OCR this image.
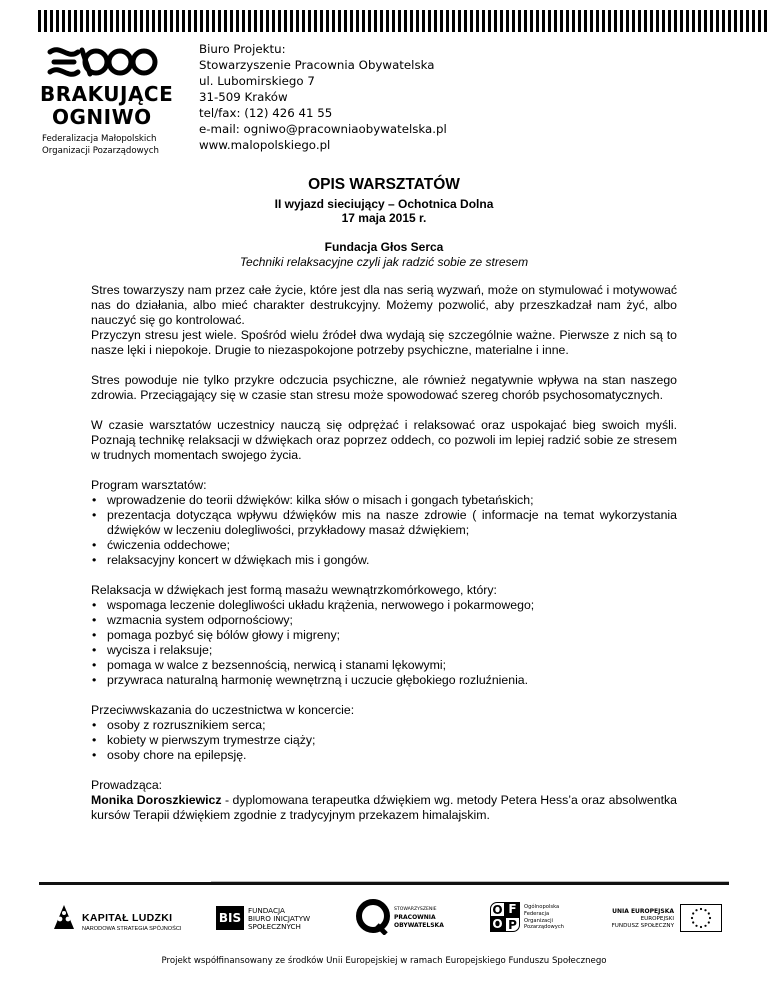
BRAKUJĄCE
OGNIWO
Federalizacja Małopolskich
Organizacji Pozarządowych
Biuro Projektu:
Stowarzyszenie Pracownia Obywatelska
ul. Lubomirskiego 7
31-509 Kraków
tel/fax: (12) 426 41 55
e-mail: ogniwo@pracowniaobywatelska.pl
www.malopolskiego.pl
OPIS WARSZTATÓW
II wyjazd sieciujący – Ochotnica Dolna
17 maja 2015 r.
Fundacja Głos Serca
Techniki relaksacyjne czyli jak radzić sobie ze stresem

Stres towarzyszy nam przez całe życie, które jest dla nas serią wyzwań, może on stymulować i motywować nas do działania, albo mieć charakter destrukcyjny. Możemy pozwolić, aby przeszkadzał nam żyć, albo nauczyć się go kontrolować.

Przyczyn stresu jest wiele. Spośród wielu źródeł dwa wydają się szczególnie ważne. Pierwsze z nich są to nasze lęki i niepokoje. Drugie to niezaspokojone potrzeby psychiczne, materialne i inne.

Stres powoduje nie tylko przykre odczucia psychiczne, ale również negatywnie wpływa na stan naszego zdrowia. Przeciągający się w czasie stan stresu może spowodować szereg chorób psychosomatycznych.

W czasie warsztatów uczestnicy nauczą się odprężać i relaksować oraz uspokajać bieg swoich myśli. Poznają technikę relaksacji w dźwiękach oraz poprzez oddech, co pozwoli im lepiej radzić sobie ze stresem w trudnych momentach swojego życia.

Program warsztatów:
• wprowadzenie do teorii dźwięków: kilka słów o misach i gongach tybetańskich;
• prezentacja dotycząca wpływu dźwięków mis na nasze zdrowie ( informacje na temat wykorzystania dźwięków w leczeniu dolegliwości, przykładowy masaż dźwiękiem;
• ćwiczenia oddechowe;
• relaksacyjny koncert w dźwiękach mis i gongów.
Relaksacja w dźwiękach jest formą masażu wewnątrzkomórkowego, który:
• wspomaga leczenie dolegliwości układu krążenia, nerwowego i pokarmowego;
• wzmacnia system odpornościowy;
• pomaga pozbyć się bólów głowy i migreny;
• wycisza i relaksuje;
• pomaga w walce z bezsennością, nerwicą i stanami lękowymi;
• przywraca naturalną harmonię wewnętrzną i uczucie głębokiego rozluźnienia.
Przeciwwskazania do uczestnictwa w koncercie:
• osoby z rozrusznikiem serca;
• kobiety w pierwszym trymestrze ciąży;
• osoby chore na epilepsję.
Prowadząca:

Monika Doroszkiewicz - dyplomowana terapeutka dźwiękiem wg. metody Petera Hess’a oraz absolwentka kursów Terapii dźwiękiem zgodnie z tradycyjnym przekazem himalajskim.

KAPITAŁ LUDZKI
NARODOWA STRATEGIA SPÓJNOŚCI
BIS
FUNDACJA
BIURO INICJATYW
SPOŁECZNYCH
STOWARZYSZENIE
PRACOWNIA
OBYWATELSKA
O F
O P
Ogólnopolska
Federacja
Organizacji
Pozarządowych
UNIA EUROPEJSKA
EUROPEJSKI
FUNDUSZ SPOŁECZNY
Projekt współfinansowany ze środków Unii Europejskiej w ramach Europejskiego Funduszu Społecznego
